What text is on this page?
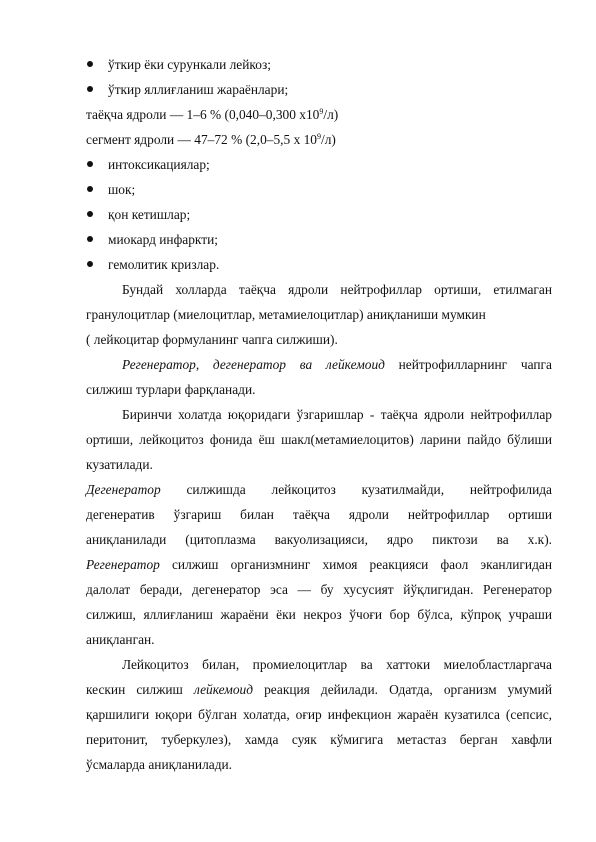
ўткир ёки сурункали лейкоз;
ўткир яллиғланиш жараёнлари;
таёқча ядроли — 1–6 % (0,040–0,300 $х10^9/л$)
сегмент ядроли — 47–72 % (2,0–5,5 х $10^9/л$)
интоксикациялар;
шок;
қон кетишлар;
миокард инфаркти;
гемолитик кризлар.
Бундай холларда таёқча ядроли нейтрофиллар ортиши, етилмаган
гранулоцитлар (миелоцитлар, метамиелоцитлар) аниқланиши мумкин
( лейкоцитар формуланинг чапга силжиши).
Регенератор, дегенератор ва лейкемоид нейтрофилларнинг чапга
силжиш турлари фарқланади.
Биринчи холатда юқоридаги ўзгаришлар - таёқча ядроли нейтрофиллар
ортиши, лейкоцитоз фонида ёш шакл(метамиелоцитов) ларини пайдо бўлиши
кузатилади.
Дегенератор силжишда лейкоцитоз кузатилмайди, нейтрофилида
дегенератив ўзгариш билан таёқча ядроли нейтрофиллар ортиши
аниқланилади (цитоплазма вакуолизацияси, ядро пиктози ва х.к).
Регенератор силжиш организмнинг химоя реакцияси фаол эканлигидан
далолат беради, дегенератор эса — бу хусусият йўқлигидан. Регенератор
силжиш, яллиғланиш жараёни ёки некроз ўчоғи бор бўлса, кўпроқ учраши
аниқланган.
Лейкоцитоз билан, промиелоцитлар ва хаттоки миелобластларгача
кескин силжиш лейкемоид реакция дейилади. Одатда, организм умумий
қаршилиги юқори бўлган холатда, оғир инфекцион жараён кузатилса (сепсис,
перитонит, туберкулез), хамда суяк кўмигига метастаз берган хавфли
ўсмаларда аниқланилади.
